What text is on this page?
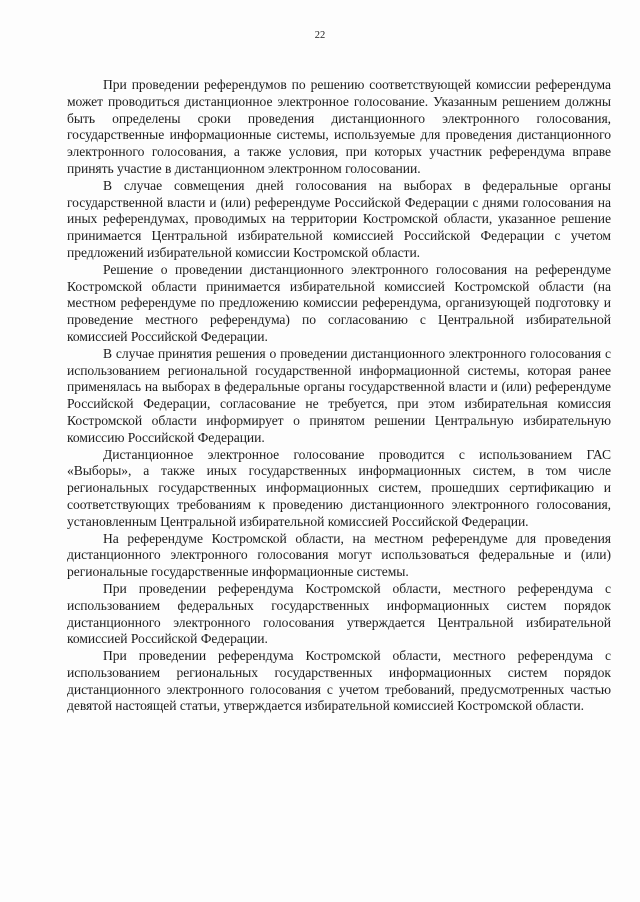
22

При проведении референдумов по решению соответствующей комиссии референдума может проводиться дистанционное электронное голосование. Указанным решением должны быть определены сроки проведения дистанционного электронного голосования, государственные информационные системы, используемые для проведения дистанционного электронного голосования, а также условия, при которых участник референдума вправе принять участие в дистанционном электронном голосовании.

В случае совмещения дней голосования на выборах в федеральные органы государственной власти и (или) референдуме Российской Федерации с днями голосования на иных референдумах, проводимых на территории Костромской области, указанное решение принимается Центральной избирательной комиссией Российской Федерации с учетом предложений избирательной комиссии Костромской области.

Решение о проведении дистанционного электронного голосования на референдуме Костромской области принимается избирательной комиссией Костромской области (на местном референдуме по предложению комиссии референдума, организующей подготовку и проведение местного референдума) по согласованию с Центральной избирательной комиссией Российской Федерации.

В случае принятия решения о проведении дистанционного электронного голосования с использованием региональной государственной информационной системы, которая ранее применялась на выборах в федеральные органы государственной власти и (или) референдуме Российской Федерации, согласование не требуется, при этом избирательная комиссия Костромской области информирует о принятом решении Центральную избирательную комиссию Российской Федерации.

Дистанционное электронное голосование проводится с использованием ГАС «Выборы», а также иных государственных информационных систем, в том числе региональных государственных информационных систем, прошедших сертификацию и соответствующих требованиям к проведению дистанционного электронного голосования, установленным Центральной избирательной комиссией Российской Федерации.

На референдуме Костромской области, на местном референдуме для проведения дистанционного электронного голосования могут использоваться федеральные и (или) региональные государственные информационные системы.

При проведении референдума Костромской области, местного референдума с использованием федеральных государственных информационных систем порядок дистанционного электронного голосования утверждается Центральной избирательной комиссией Российской Федерации.

При проведении референдума Костромской области, местного референдума с использованием региональных государственных информационных систем порядок дистанционного электронного голосования с учетом требований, предусмотренных частью девятой настоящей статьи, утверждается избирательной комиссией Костромской области.
